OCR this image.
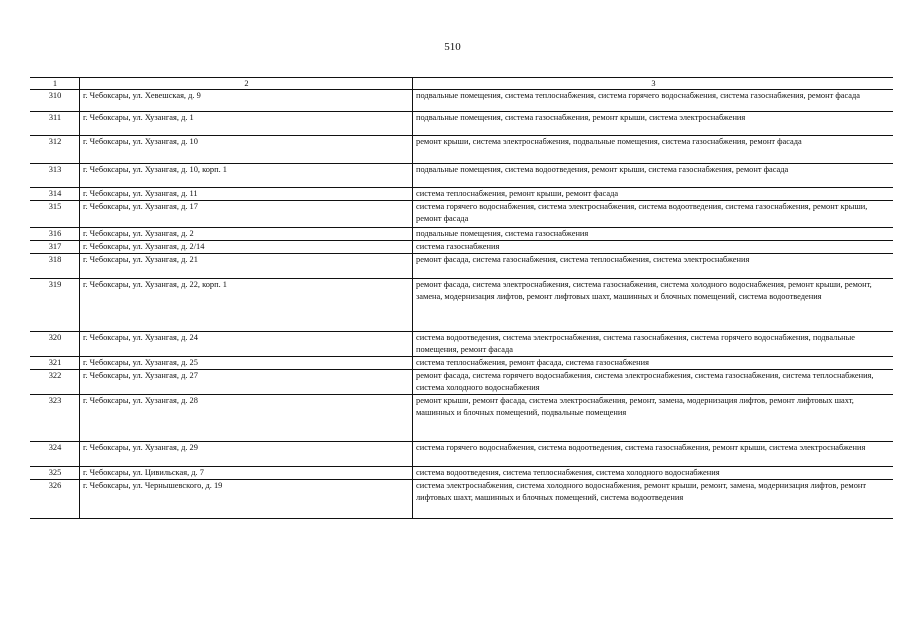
510
1	2	3
310	г. Чебоксары, ул. Хевешская, д. 9	подвальные помещения, система теплоснабжения, система горячего водоснабжения, система газоснабжения, ремонт фасада
311	г. Чебоксары, ул. Хузангая, д. 1	подвальные помещения, система газоснабжения, ремонт крыши, система электроснабжения
312	г. Чебоксары, ул. Хузангая, д. 10	ремонт крыши, система электроснабжения, подвальные помещения, система газоснабжения, ремонт фасада
313	г. Чебоксары, ул. Хузангая, д. 10, корп. 1	подвальные помещения, система водоотведения, ремонт крыши, система газоснабжения, ремонт фасада
314	г. Чебоксары, ул. Хузангая, д. 11	система теплоснабжения, ремонт крыши, ремонт фасада
315	г. Чебоксары, ул. Хузангая, д. 17	система горячего водоснабжения, система электроснабжения, система водоотведения, система газоснабжения, ремонт крыши, ремонт фасада
316	г. Чебоксары, ул. Хузангая, д. 2	подвальные помещения, система газоснабжения
317	г. Чебоксары, ул. Хузангая, д. 2/14	система газоснабжения
318	г. Чебоксары, ул. Хузангая, д. 21	ремонт фасада, система газоснабжения, система теплоснабжения, система электроснабжения
319	г. Чебоксары, ул. Хузангая, д. 22, корп. 1	ремонт фасада, система электроснабжения, система газоснабжения, система холодного водоснабжения, ремонт крыши, ремонт, замена, модернизация лифтов, ремонт лифтовых шахт, машинных и блочных помещений, система водоотведения
320	г. Чебоксары, ул. Хузангая, д. 24	система водоотведения, система электроснабжения, система газоснабжения, система горячего водоснабжения, подвальные помещения, ремонт фасада
321	г. Чебоксары, ул. Хузангая, д. 25	система теплоснабжения, ремонт фасада, система газоснабжения
322	г. Чебоксары, ул. Хузангая, д. 27	ремонт фасада, система горячего водоснабжения, система электроснабжения, система газоснабжения, система теплоснабжения, система холодного водоснабжения
323	г. Чебоксары, ул. Хузангая, д. 28	ремонт крыши, ремонт фасада, система электроснабжения, ремонт, замена, модернизация лифтов, ремонт лифтовых шахт, машинных и блочных помещений, подвальные помещения
324	г. Чебоксары, ул. Хузангая, д. 29	система горячего водоснабжения, система водоотведения, система газоснабжения, ремонт крыши, система электроснабжения
325	г. Чебоксары, ул. Цивильская, д. 7	система водоотведения, система теплоснабжения, система холодного водоснабжения
326	г. Чебоксары, ул. Чернышевского, д. 19	система электроснабжения, система холодного водоснабжения, ремонт крыши, ремонт, замена, модернизация лифтов, ремонт лифтовых шахт, машинных и блочных помещений, система водоотведения
